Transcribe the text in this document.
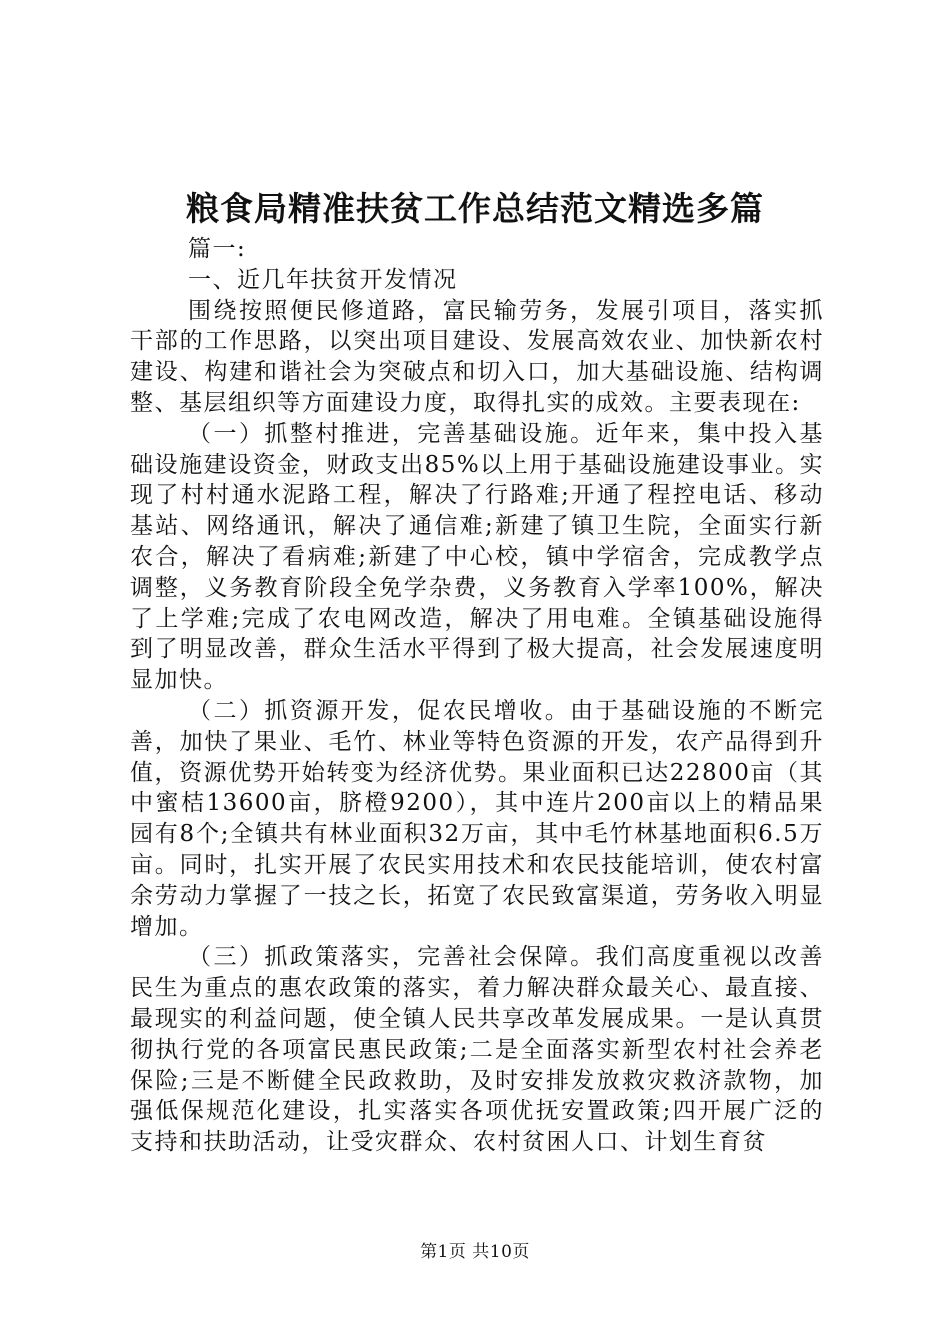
粮食局精准扶贫工作总结范文精选多篇

篇一:

一、近几年扶贫开发情况

围绕按照便民修道路，富民输劳务，发展引项目，落实抓干部的工作思路，以突出项目建设、发展高效农业、加快新农村建设、构建和谐社会为突破点和切入口，加大基础设施、结构调整、基层组织等方面建设力度，取得扎实的成效。主要表现在:

（一）抓整村推进，完善基础设施。近年来，集中投入基础设施建设资金，财政支出85%以上用于基础设施建设事业。实现了村村通水泥路工程，解决了行路难;开通了程控电话、移动基站、网络通讯，解决了通信难;新建了镇卫生院，全面实行新农合，解决了看病难;新建了中心校，镇中学宿舍，完成教学点调整，义务教育阶段全免学杂费，义务教育入学率100%，解决了上学难;完成了农电网改造，解决了用电难。全镇基础设施得到了明显改善，群众生活水平得到了极大提高，社会发展速度明显加快。

（二）抓资源开发，促农民增收。由于基础设施的不断完善，加快了果业、毛竹、林业等特色资源的开发，农产品得到升值，资源优势开始转变为经济优势。果业面积已达22800亩（其中蜜桔13600亩，脐橙9200），其中连片200亩以上的精品果园有8个;全镇共有林业面积32万亩，其中毛竹林基地面积6.5万亩。同时，扎实开展了农民实用技术和农民技能培训，使农村富余劳动力掌握了一技之长，拓宽了农民致富渠道，劳务收入明显增加。

（三）抓政策落实，完善社会保障。我们高度重视以改善民生为重点的惠农政策的落实，着力解决群众最关心、最直接、最现实的利益问题，使全镇人民共享改革发展成果。一是认真贯彻执行党的各项富民惠民政策;二是全面落实新型农村社会养老保险;三是不断健全民政救助，及时安排发放救灾救济款物，加强低保规范化建设，扎实落实各项优抚安置政策;四开展广泛的支持和扶助活动，让受灾群众、农村贫困人口、计划生育贫

第1页 共10页
